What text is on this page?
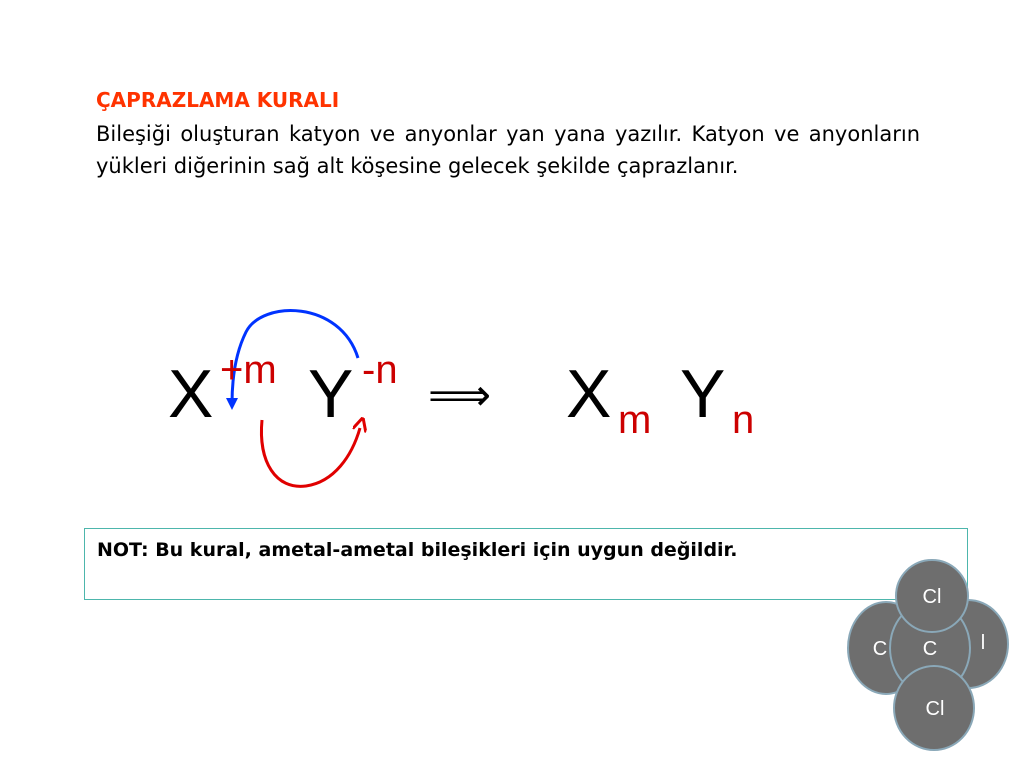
ÇAPRAZLAMA KURALI
Bileşiği oluşturan katyon ve anyonlar yan yana yazılır. Katyon ve anyonların yükleri diğerinin sağ alt köşesine gelecek şekilde çaprazlanır.
X +m Y -n ⟹ X m Y n
NOT: Bu kural, ametal-ametal bileşikleri için uygun değildir.
Cl
C C l
Cl
